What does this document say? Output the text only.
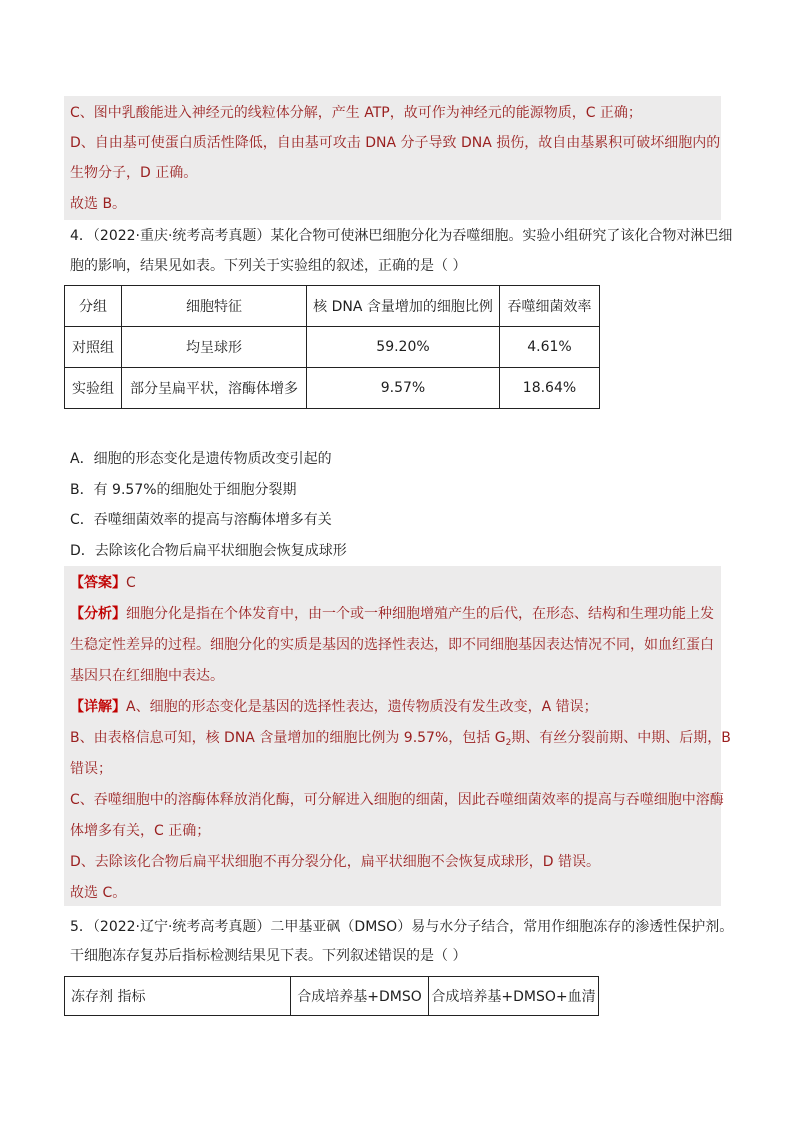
C、图中乳酸能进入神经元的线粒体分解，产生 ATP，故可作为神经元的能源物质，C 正确；
D、自由基可使蛋白质活性降低，自由基可攻击 DNA 分子导致 DNA 损伤，故自由基累积可破坏细胞内的
生物分子，D 正确。
故选 B。
4．（2022·重庆·统考高考真题）某化合物可使淋巴细胞分化为吞噬细胞。实验小组研究了该化合物对淋巴细
胞的影响，结果见如表。下列关于实验组的叙述，正确的是（ ）
分组	细胞特征	核 DNA 含量增加的细胞比例	吞噬细菌效率
对照组	均呈球形	59.20%	4.61%
实验组	部分呈扁平状，溶酶体增多	9.57%	18.64%
A．细胞的形态变化是遗传物质改变引起的
B．有 9.57%的细胞处于细胞分裂期
C．吞噬细菌效率的提高与溶酶体增多有关
D．去除该化合物后扁平状细胞会恢复成球形
【答案】C
【分析】细胞分化是指在个体发育中，由一个或一种细胞增殖产生的后代，在形态、结构和生理功能上发
生稳定性差异的过程。细胞分化的实质是基因的选择性表达，即不同细胞基因表达情况不同，如血红蛋白
基因只在红细胞中表达。
【详解】A、细胞的形态变化是基因的选择性表达，遗传物质没有发生改变，A 错误；
B、由表格信息可知，核 DNA 含量增加的细胞比例为 9.57%，包括 $G_2$期、有丝分裂前期、中期、后期，B
错误；
C、吞噬细胞中的溶酶体释放消化酶，可分解进入细胞的细菌，因此吞噬细菌效率的提高与吞噬细胞中溶酶
体增多有关，C 正确；
D、去除该化合物后扁平状细胞不再分裂分化，扁平状细胞不会恢复成球形，D 错误。
故选 C。
5．（2022·辽宁·统考高考真题）二甲基亚砜（DMSO）易与水分子结合，常用作细胞冻存的渗透性保护剂。
干细胞冻存复苏后指标检测结果见下表。下列叙述错误的是（ ）
冻存剂 指标	合成培养基+DMSO	合成培养基+DMSO+血清
